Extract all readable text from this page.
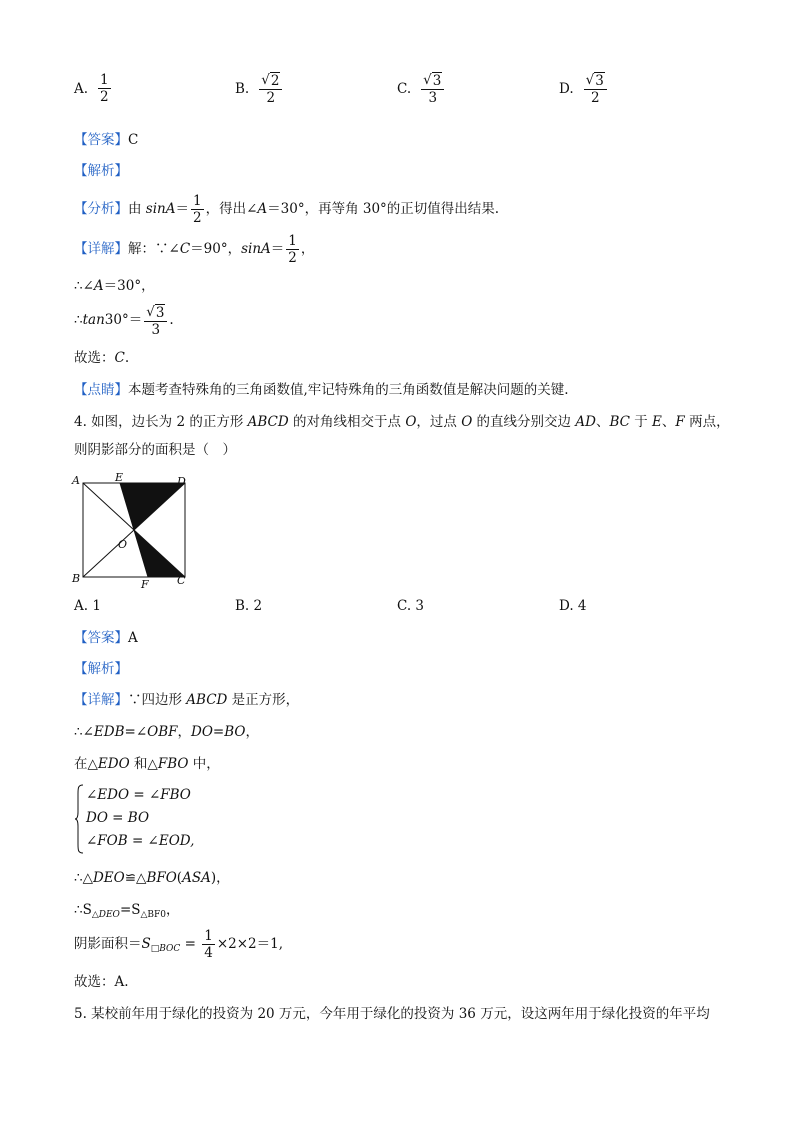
A. $\frac{1}{2}$	B. $\frac{√ 2}{2}$	C. $\frac{√ 3}{3}$	D. $\frac{√ 3}{2}$
【答案】C
【解析】
【分析】由 $\sin A= \frac{1}{2}$ ，得出∠A＝30°，再等角 30°的正切值得出结果.
【详解】解：∵∠C＝90°，$\sin A= \frac{1}{2}$ ，
∴∠A＝30°，
∴tan30°＝ $\frac{√ 3}{3}$ .
故选：C.
【点睛】本题考查特殊角的三角函数值,牢记特殊角的三角函数值是解决问题的关键.
4. 如图，边长为 2 的正方形 ABCD 的对角线相交于点 O，过点 O 的直线分别交边 AD、BC 于 E、F 两点，
则阴影部分的面积是（　）
A	E	D
O
B	F	C
A. 1	B. 2	C. 3	D. 4
【答案】A
【解析】
【详解】∵四边形 ABCD 是正方形，
∴∠EDB=∠OBF，DO=BO，
在△EDO 和△FBO 中，
∠EDO = ∠FBO
DO = BO
∠FOB = ∠EOD,
∴△DEO≌△BFO(ASA)，
$\therefore S_{\triangle DEO}=S_{\triangle BF0}$，
阴影面积$=S_{□BOC} = \frac{1}{4} \times 2\times 2=1$,
故选：A.
5. 某校前年用于绿化的投资为 20 万元，今年用于绿化的投资为 36 万元，设这两年用于绿化投资的年平均
